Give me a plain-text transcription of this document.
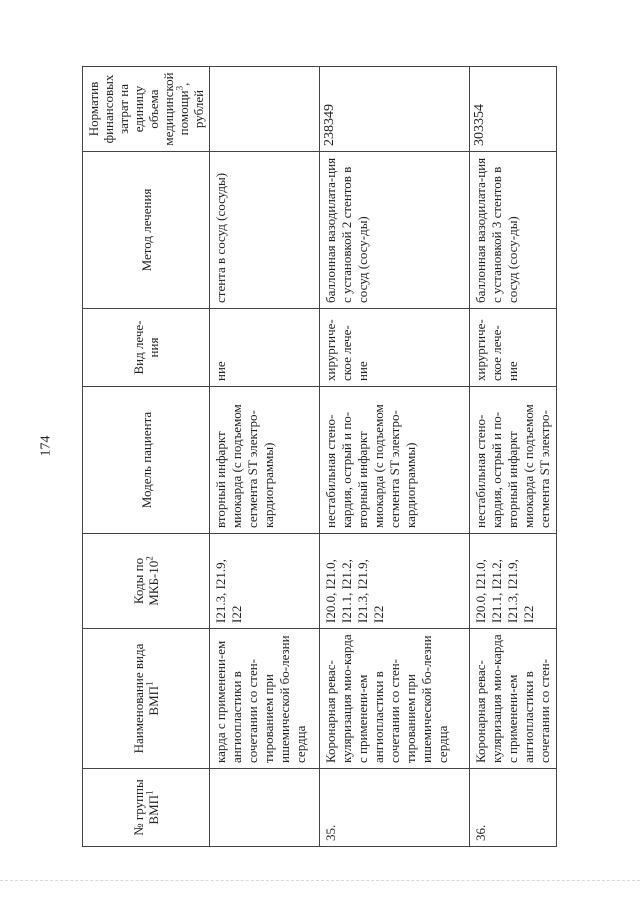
174
№ группы ВМП$^1$	Наименование вида ВМП$^1$	Коды по МКБ-$10^2$	Модель пациента	Вид лече-ния	Метод лечения	Норматив финансовых затрат на единицу объема медицинской помощи$^3$, рублей
	карда с применени-ем ангиопластики в сочетании со стен-тированием при ишемической бо-лезни сердца	I21.3, I21.9, I22	вторный инфаркт миокарда (с подъемом сегмента ST электро-кардиограммы)	ние	стента в сосуд (сосуды)	
35.	Коронарная реваc-куляризация мио-карда с применени-ем ангиопластики в сочетании со стен-тированием при ишемической бо-лезни сердца	I20.0, I21.0, I21.1, I21.2, I21.3, I21.9, I22	нестабильная стено-кардия, острый и по-вторный инфаркт миокарда (с подъемом сегмента ST электро-кардиограммы)	хирургиче-ское лече-ние	баллонная вазодилата-ция с установкой 2 стентов в сосуд (сосу-ды)	238349
36.	Коронарная реваc-куляризация мио-карда с применени-ем ангиопластики в сочетании со стен-	I20.0, I21.0, I21.1, I21.2, I21.3, I21.9, I22	нестабильная стено-кардия, острый и по-вторный инфаркт миокарда (с подъемом сегмента ST электро-	хирургиче-ское лече-ние	баллонная вазодилата-ция с установкой 3 стентов в сосуд (сосу-ды)	303354
